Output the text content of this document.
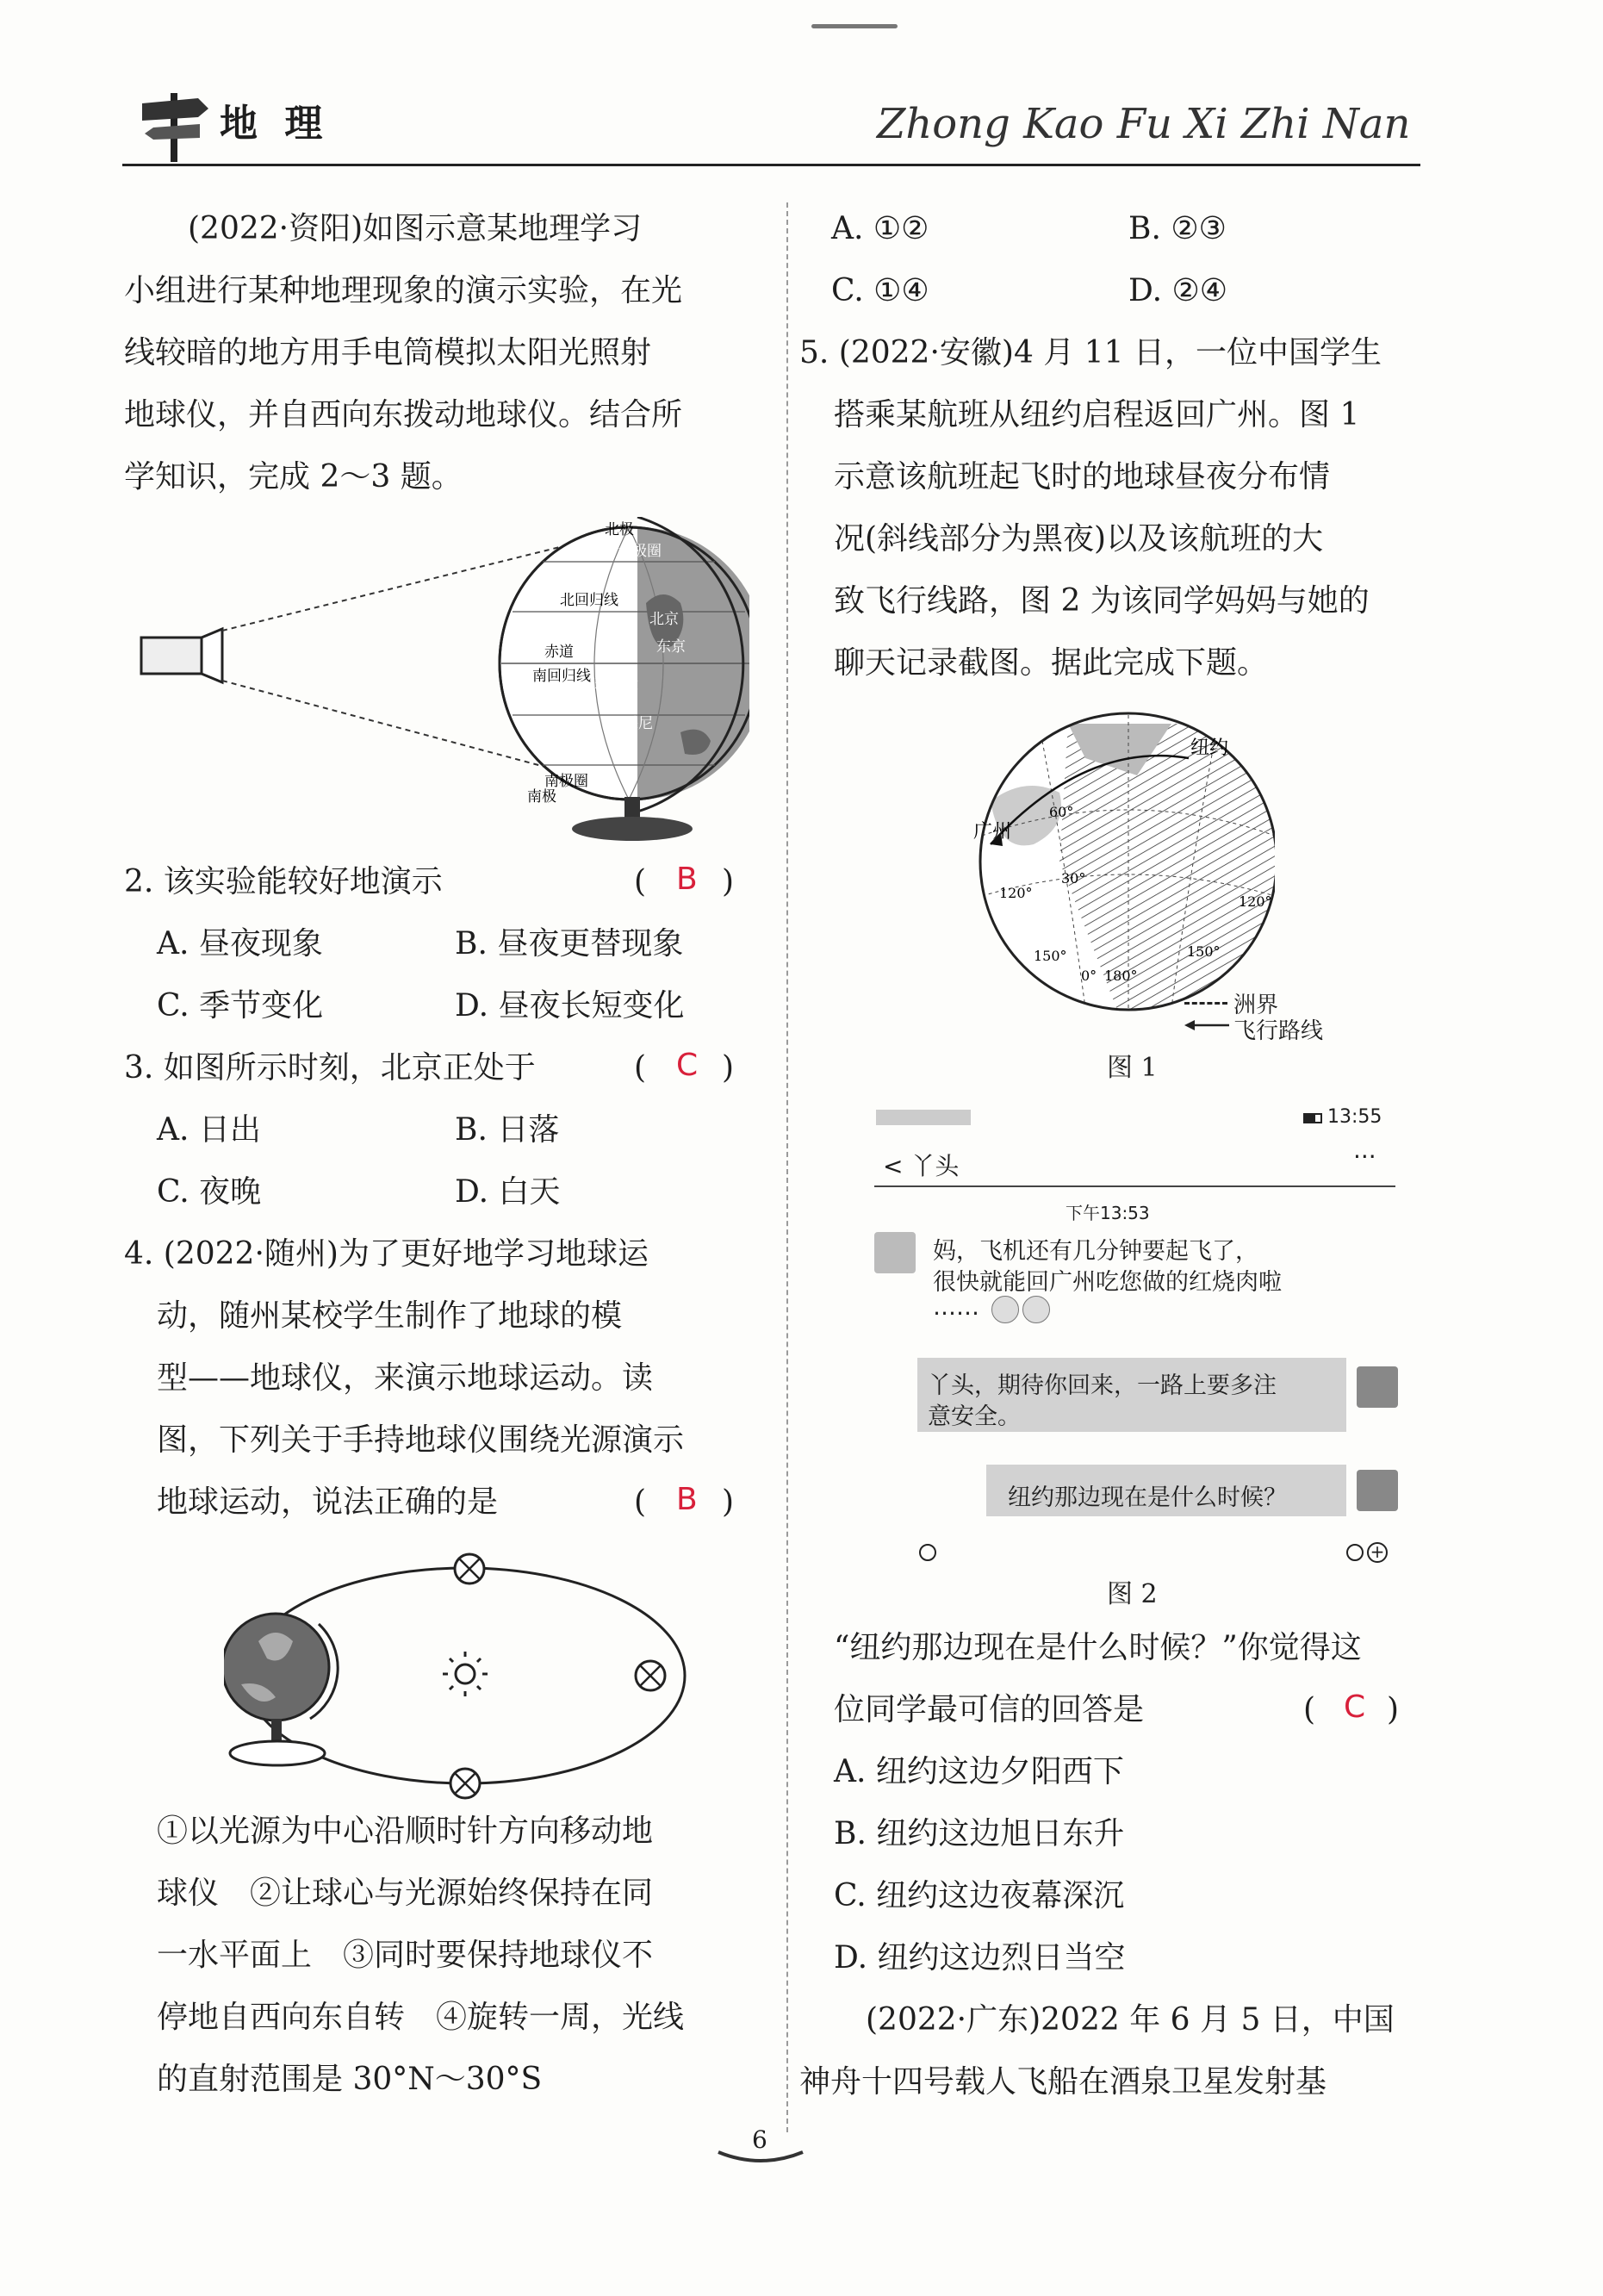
地 理	Zhong Kao Fu Xi Zhi Nan
(2022·资阳)如图示意某地理学习
小组进行某种地理现象的演示实验，在光
线较暗的地方用手电筒模拟太阳光照射
地球仪，并自西向东拨动地球仪。结合所
学知识，完成 2～3 题。
北极
北极圈
北回归线
北京
东京
赤道
南回归线 雅加达
悉尼
南极圈
南极
2. 该实验能较好地演示	( B )
A. 昼夜现象	B. 昼夜更替现象
C. 季节变化	D. 昼夜长短变化
3. 如图所示时刻，北京正处于	( C )
A. 日出	B. 日落
C. 夜晚	D. 白天
4. (2022·随州)为了更好地学习地球运
动，随州某校学生制作了地球的模
型——地球仪，来演示地球运动。读
图，下列关于手持地球仪围绕光源演示
地球运动，说法正确的是	( B )
①以光源为中心沿顺时针方向移动地
球仪　②让球心与光源始终保持在同
一水平面上　③同时要保持地球仪不
停地自西向东自转　④旋转一周，光线
的直射范围是 30°N～30°S
A. ①②	B. ②③
C. ①④	D. ②④
5. (2022·安徽)4 月 11 日，一位中国学生
搭乘某航班从纽约启程返回广州。图 1
示意该航班起飞时的地球昼夜分布情
况(斜线部分为黑夜)以及该航班的大
致飞行线路，图 2 为该同学妈妈与她的
聊天记录截图。据此完成下题。
纽约
广州
60°
30°
120°
120°
150°	150°
0° 180°
洲界
飞行路线
图 1
13:55
< 丫头	···
下午13:53
妈，飞机还有几分钟要起飞了，
很快就能回广州吃您做的红烧肉啦
……
丫头，期待你回来，一路上要多注
意安全。
纽约那边现在是什么时候？
+
图 2
“纽约那边现在是什么时候？”你觉得这
位同学最可信的回答是	( C )
A. 纽约这边夕阳西下
B. 纽约这边旭日东升
C. 纽约这边夜幕深沉
D. 纽约这边烈日当空
(2022·广东)2022 年 6 月 5 日，中国
神舟十四号载人飞船在酒泉卫星发射基
6
